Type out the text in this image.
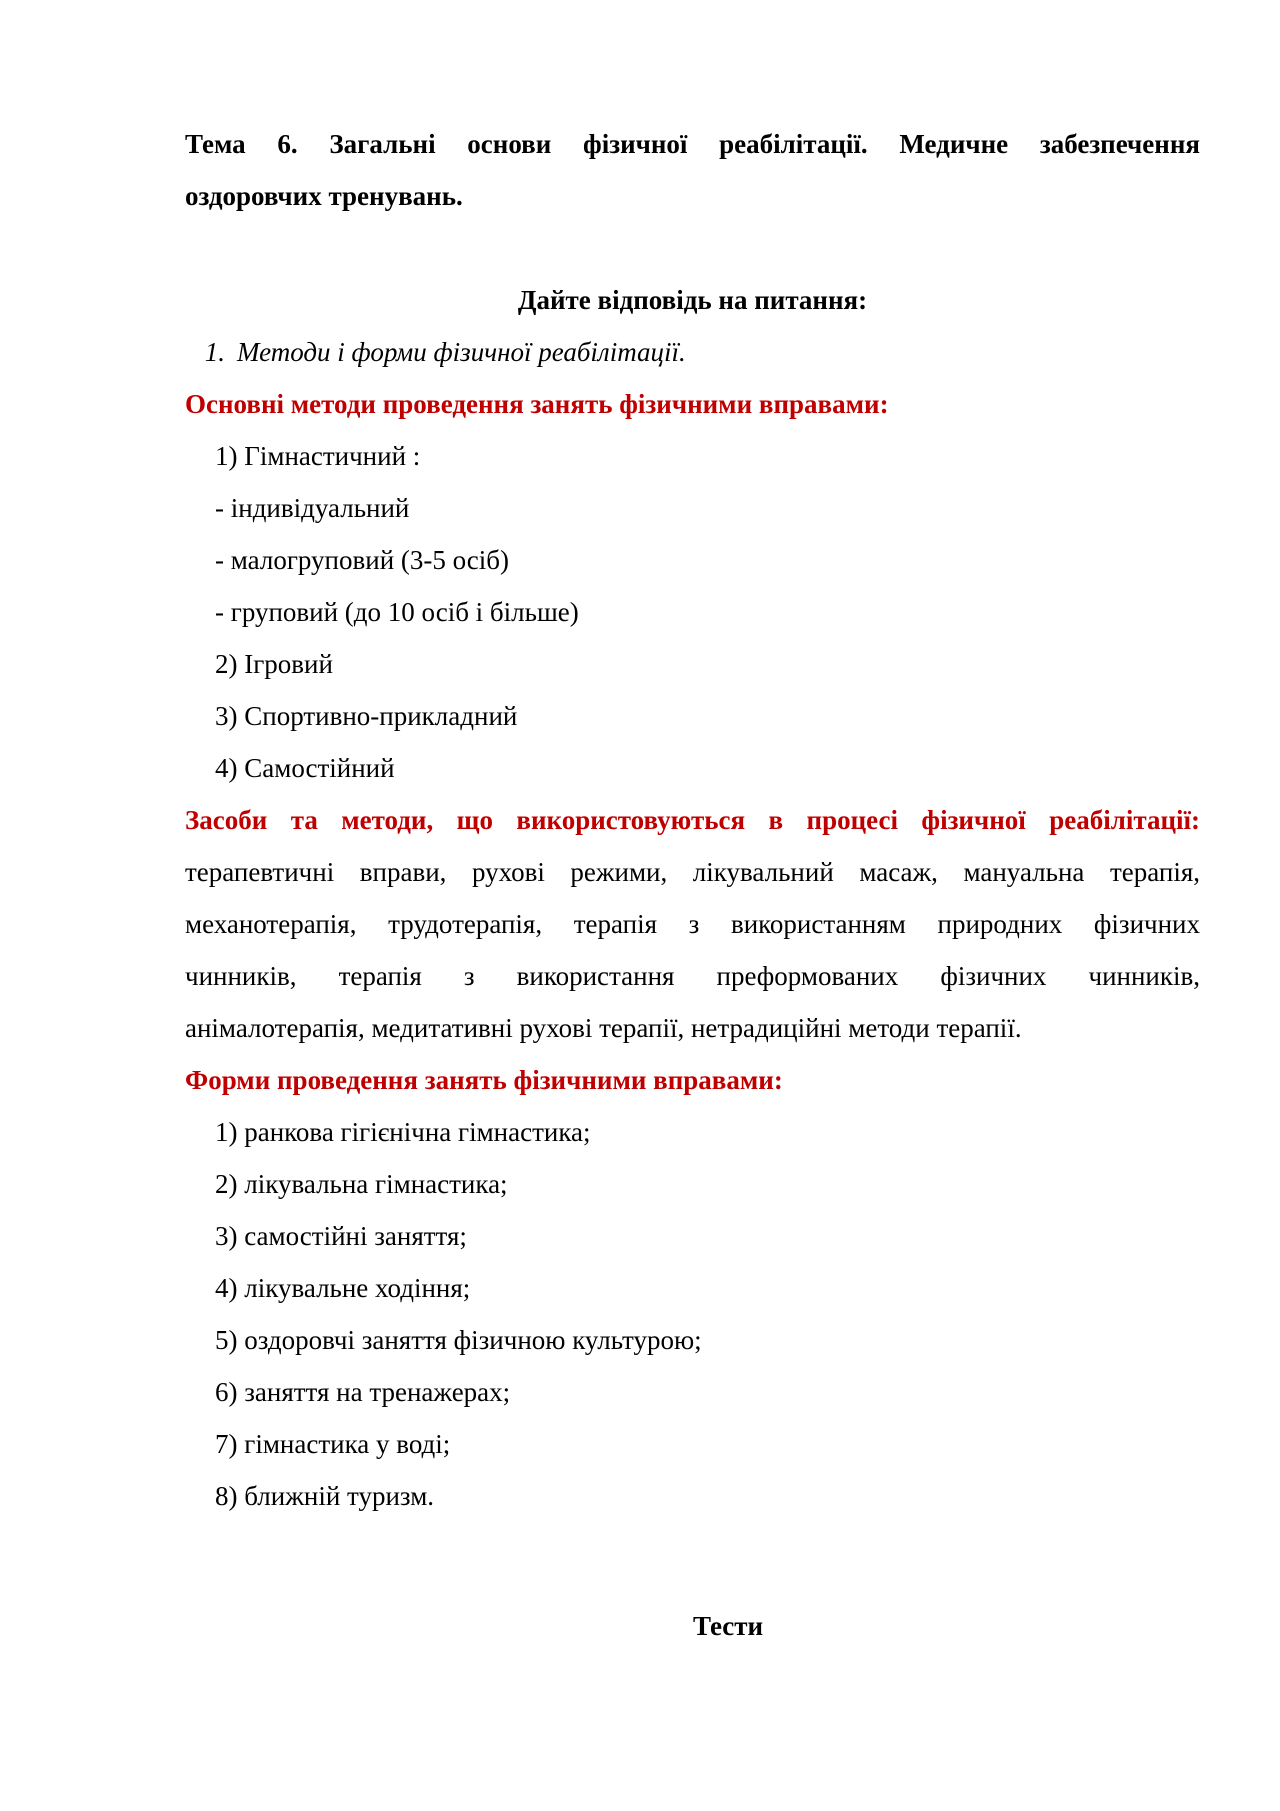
Тема 6. Загальні основи фізичної реабілітації. Медичне забезпечення

оздоровчих тренувань.

Дайте відповідь на питання:

1. Методи і форми фізичної реабілітації.

Основні методи проведення занять фізичними вправами:

1) Гімнастичний :

- індивідуальний

- малогруповий (3-5 осіб)

- груповий (до 10 осіб і більше)

2) Ігровий

3) Спортивно-прикладний

4) Самостійний

Засоби та методи, що використовуються в процесі фізичної реабілітації:

терапевтичні вправи, рухові режими, лікувальний масаж, мануальна терапія,

механотерапія, трудотерапія, терапія з використанням природних фізичних

чинників, терапія з використання преформованих фізичних чинників,

анімалотерапія, медитативні рухові терапії, нетрадиційні методи терапії.

Форми проведення занять фізичними вправами:

1) ранкова гігієнічна гімнастика;

2) лікувальна гімнастика;

3) самостійні заняття;

4) лікувальне ходіння;

5) оздоровчі заняття фізичною культурою;

6) заняття на тренажерах;

7) гімнастика у воді;

8) ближній туризм.

Тести
